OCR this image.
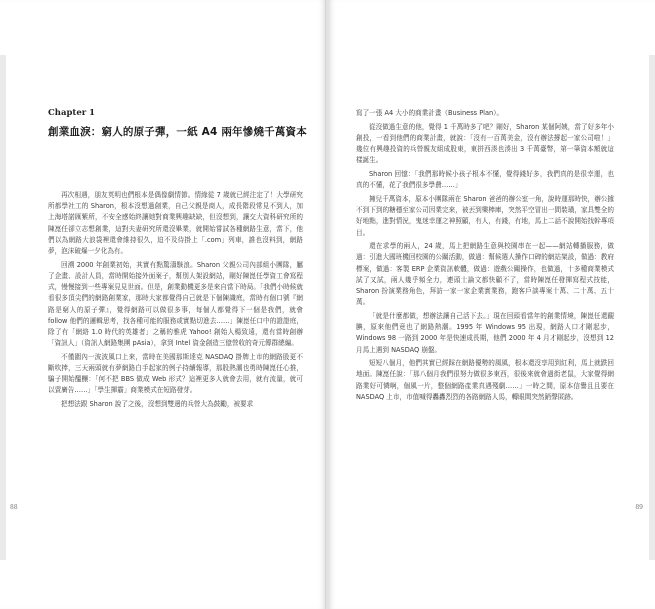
Chapter 1
創業血淚：窮人的原子彈，一紙 A4 兩年慘燒千萬資本

再次相遇，朋友英明也們根本是偶像劇情節。情緣從 7 歲就已經注定了！大學研究所都學社工的 Sharon，根本沒想過創業，自己父親是商人，成長階段常見不到人，加上海塔諾匯紫所，不安全感始終讓她對商業興趣缺缺，但沒想到，讓交大資科研究所的陳崑任卻立志想創業，這對夫妻研究所還沒畢業，就開始嘗試各種網路生意，當下，他們以為網路大浪袋裡還會維持很久，迫不及待掛上「.com」列車，誰也沒料到，網路夢，泡沫破爆一夕化為有。

回溯 2000 年創業初始，其實有點驚濤駭浪。Sharon 父親公司內部組小團隊，屬了企畫、設計人員，當時開始接外面案子，幫別人架設網站，剛好陳崑任學資工會寫程式，慢慢接到一些專案見見世面。但是，創業動機更多是來自當下時局。「我們小時候就看很多頂尖們的網路創業家，那時大家都覺得自己就是下個陳識庭，當時有個口號『網路是窮人的原子彈』，覺得網路可以做很多事，每個人都覺得下一個是我們，就會 follow 他們的邏輯思考，找各種可能的服務或實點切進去……」陳崑任口中的證證庭，除了有「網絡 1.0 時代的英雄者」之稱的雅虎 Yahoo! 創始人楊致遠，還有當時創辦「資訊人」（資訊人網路集團 pAsia），拿到 Intel 資金創造三億營收的奇元傳群總編。

不僅圍內一波波風口上來，當時在美國那斯達克 NASDAQ 掛牌上市的網路股更不斷吹捧，三天兩頭就有夢網路白手起家的例子持續報導，那股熱潮也勇時陳崑任心推，騙子開始醞釀：「何不把 BBS 做成 Web 形式？這裡更多人就會去用，就有流量，就可以賣廣告……」「學生揮霸」商業模式在短路發芽。

把想法跟 Sharon 說了之後，沒想到雙邊的兵營大為鼓勵，被要求

88

寫了一張 A4 大小的商業計畫（Business Plan）。

從沒做過生意的他，覺得 1 千萬時多了吧？剛好，Sharon 某個阿姨，當了好多年小創投，一看到他們的商業計畫，就說：「沒有一百萬美金，沒有辦法撐起一家公司啦！」幾位有興趣投資的兵營親友組成股東，東拼西湊也湊出 3 千萬臺幣，第一筆資本額就這樣誕生。

Sharon 回憶：「我們那時候小孩子根本不懂，覺得錢好多，我們真的是很幸運，也真的不懂，花了我們很多學費……」

擁兒千萬資本，原本小團隊兩在 Sharon 爸爸的辦公室一角，說時運那時快，辦公據不到下到的糖穩至家公司因業完來，被丟到樂棒庫，突然平空冒出一間裝璜，家具雙全的好地點，進對情況，鬼迷幸運之神照顧，有人，有錢，有地，馬上二話不說開始找幹專項目。

還在求學的兩人，24 歲，馬上把網路生意與校園串在一起——網站轉播服務，做過：引進大國班機回校園的公關活動，做過：幫候選人操作口碑的網站架設，做過：教府標案，做過：客製 ERP 企業資訊軟體，做過：遊戲公關操作，也做過，十多種商業模式試了又試，兩人幾乎頻全力，連頭士論文都快顧不了，當時陳崑任發揮寫程式技能，Sharon 扮演業務角色，拜訪一家一家企業實業務，跑客戶談專案十萬、二十萬、五十萬。

「就是什麼都做，想辦法讓自己活下去。」現在回頭看當年的創業情境，陳崑任還靦腆，原來他們竟也了網路熱潮。1995 年 Windows 95 出現，網路人口才剛起步，Windows 98 一路到 2000 年是快速成長期，他們 2000 年 4 月才剛起步，沒想到 12 月馬上遇到 NASDAQ 崩盤。

短短八個月，他們其實已經踩在網路優勢的風風，根本還沒享用到紅利，馬上就跌回地面。陳崑任說：「那八個月我們很努力做很多東西，很後來就會過街老鼠，大家覺得網路業好可憐啊，個風一片，整個網路產業真遇殘劇……」一時之間，原本信譽且且要在 NASDAQ 上市，市值喊得轟轟烈烈的各路網路人馬，轉眼間突然銷聲匿跡。

89
